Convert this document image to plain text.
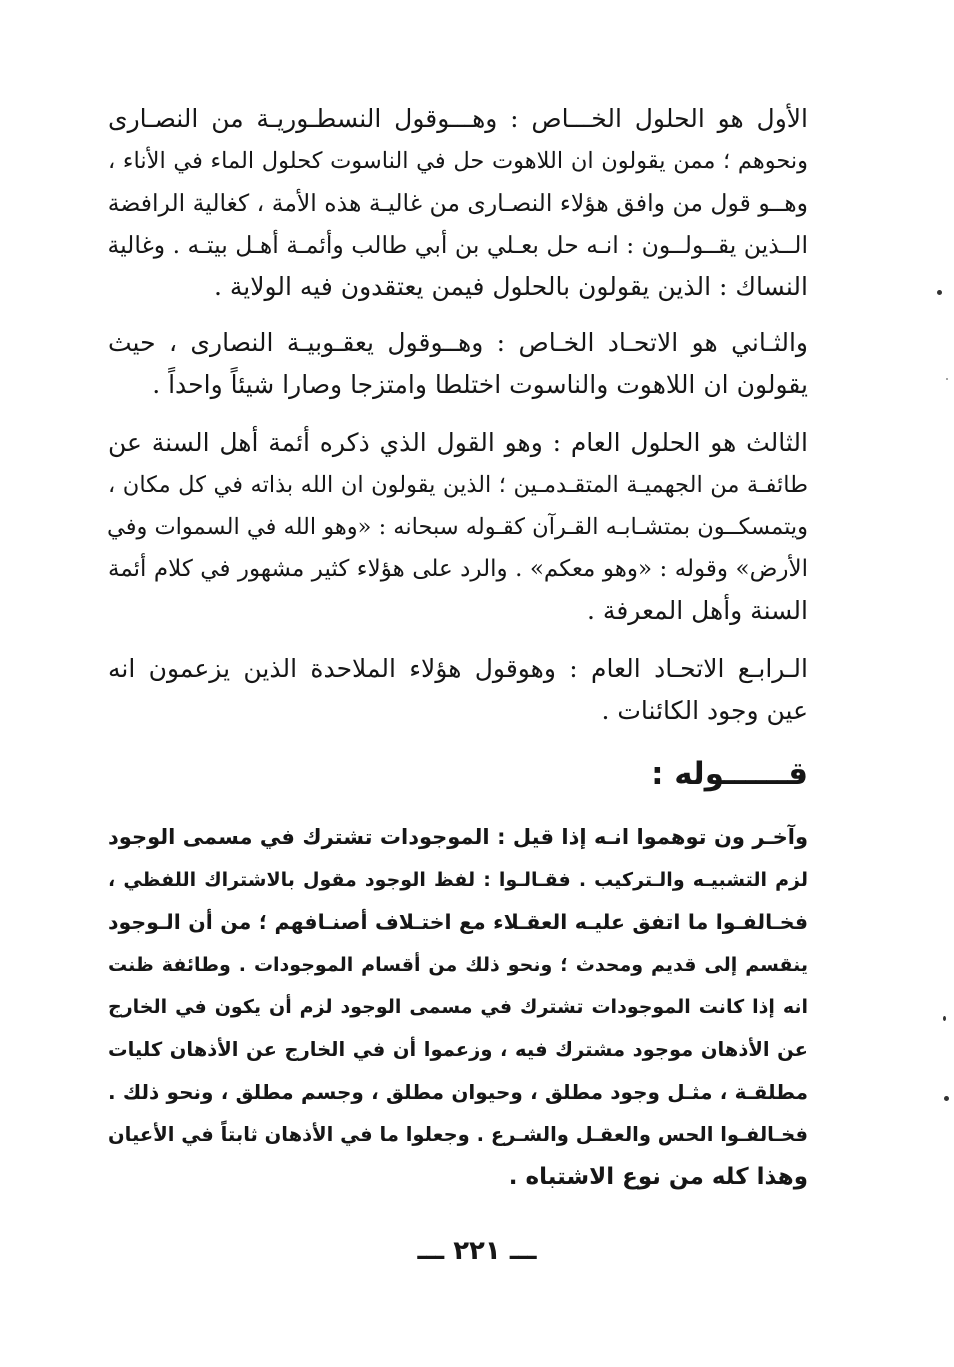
الأول هو الحلول الخـــاص : وهـــوقول النسطـوريـة من النصـارى
ونحوهم ؛ ممن يقولون ان اللاهوت حل في الناسوت كحلول الماء في الأناء ،
وهــو قول من وافق هؤلاء النصـارى من غاليـة هذه الأمة ، كغالية الرافضة
الــذين يقــولــون : انـه حل بعـلي بن أبي طالب وأئمـة أهـل بيتـه . وغالية
النساك : الذين يقولون بالحلول فيمن يعتقدون فيه الولاية .

والثـاني هو الاتحـاد الخـاص : وهــوقول يعقـوبيـة النصارى ، حيث
يقولون ان اللاهوت والناسوت اختلطا وامتزجا وصارا شيئاً واحداً .

الثالث هو الحلول العام : وهو القول الذي ذكره أئمة أهل السنة عن
طائفـة من الجهميـة المتقـدمـين ؛ الذين يقولون ان الله بذاته في كل مكان ،
ويتمسكــون بمتشـابـه القـرآن كقـوله سبحانه : «وهو الله في السموات وفي
الأرض» وقوله : «وهو معكم» . والرد على هؤلاء كثير مشهور في كلام أئمة
السنة وأهل المعرفة .

الـرابـع الاتحـاد العام : وهوقول هؤلاء الملاحدة الذين يزعمون انه
عين وجود الكائنات .

قــــــوله :

وآخـر ون توهموا انـه إذا قيل : الموجودات تشترك في مسمى الوجود
لزم التشبيـه والـتركيب . فقـالـوا : لفظ الوجود مقول بالاشتراك اللفظي ،
فخـالفـوا ما اتفق عليـه العقـلاء مع اختـلاف أصنـافهم ؛ من أن الـوجود
ينقسم إلى قديم ومحدث ؛ ونحو ذلك من أقسام الموجودات . وطائفة ظنت
انه إذا كانت الموجودات تشترك في مسمى الوجود لزم أن يكون في الخارج
عن الأذهان موجود مشترك فيه ، وزعموا أن في الخارج عن الأذهان كليات
مطلقـة ، مثـل وجود مطلق ، وحيوان مطلق ، وجسم مطلق ، ونحو ذلك .
فخـالفـوا الحس والعقـل والشـرع . وجعلوا ما في الأذهان ثابتاً في الأعيان
وهذا كله من نوع الاشتباه .

ـــ ٢٢١ ـــ
